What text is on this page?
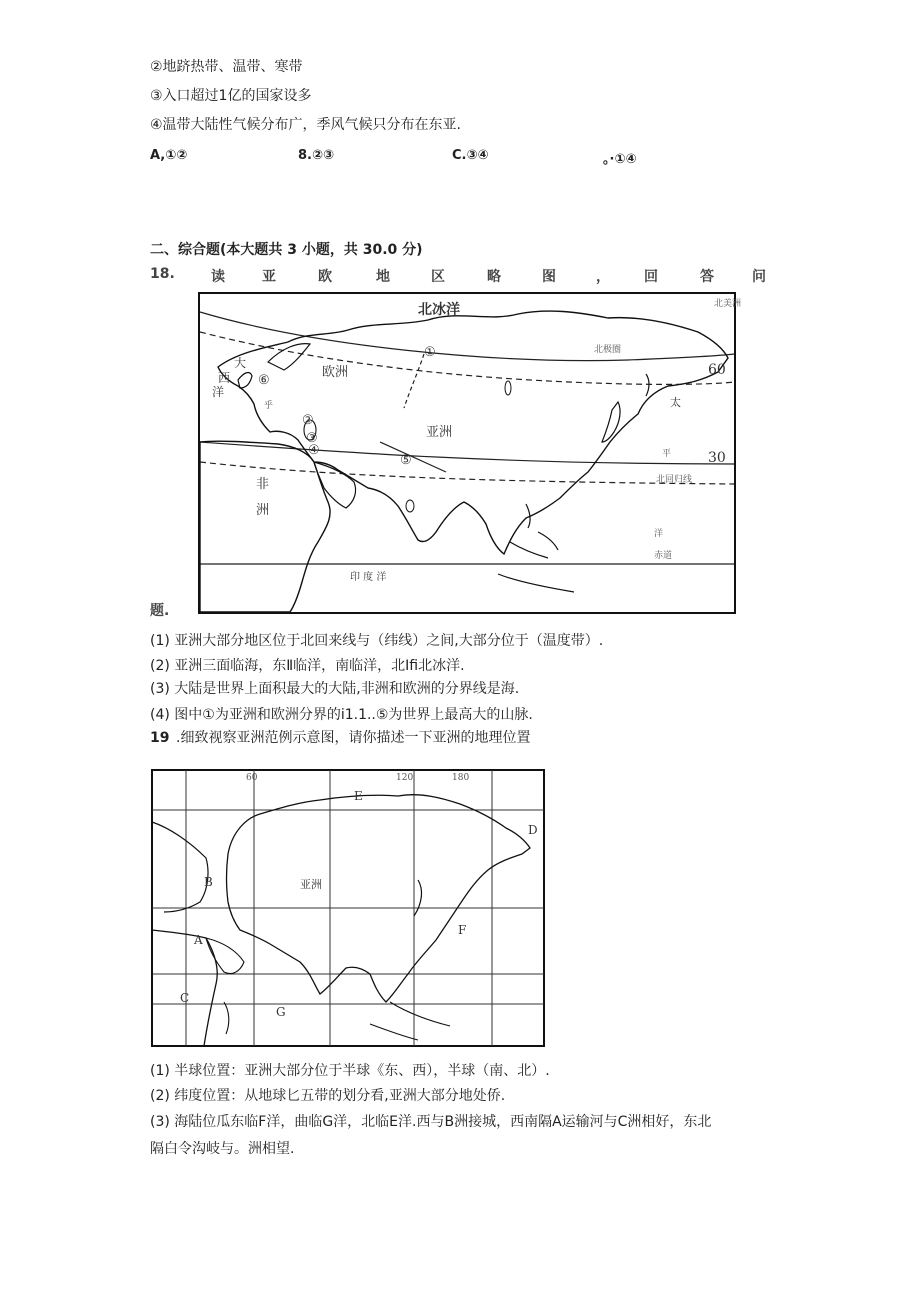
②地跻热带、温带、寒带
③入口超过1亿的国家设多
④温带大陆性气候分布广，季风气候只分布在东亚.
A,①②	8.②③	C.③④	。·①④
二、综合题(本大题共 3 小题，共 30.0 分)
18.	读	亚	欧	地	区	略	图	， 回	答	问
题.
北冰洋	北美洲
北极圈
大
西
洋
欧洲
亚洲
非
洲
太
平
洋
北回归线
赤道
印 度 洋
60
30
①
②
③
④
⑤
⑥
乎
(1) 亚洲大部分地区位于北回来线与（纬线）之间,大部分位于（温度带）.
(2) 亚洲三面临海，东Ⅱ临洋，南临洋，北Ifi北冰洋.
(3) 大陆是世界上面积最大的大陆,非洲和欧洲的分界线是海.
(4) 图中①为亚洲和欧洲分界的i1.1..⑤为世界上最高大的山脉.
19 .细致视察亚洲范例示意图，请你描述一下亚洲的地理位置
60	120	180
亚洲
A
B
C
D
E
F
G
(1) 半球位置：亚洲大部分位于半球《东、西），半球（南、北）.
(2) 纬度位置：从地球匕五带的划分看,亚洲大部分地处侨.
(3) 海陆位瓜东临F洋，曲临G洋，北临E洋.西与B洲接城，西南隔A运输河与C洲相好，东北
隔白令沟岐与。洲相望.
